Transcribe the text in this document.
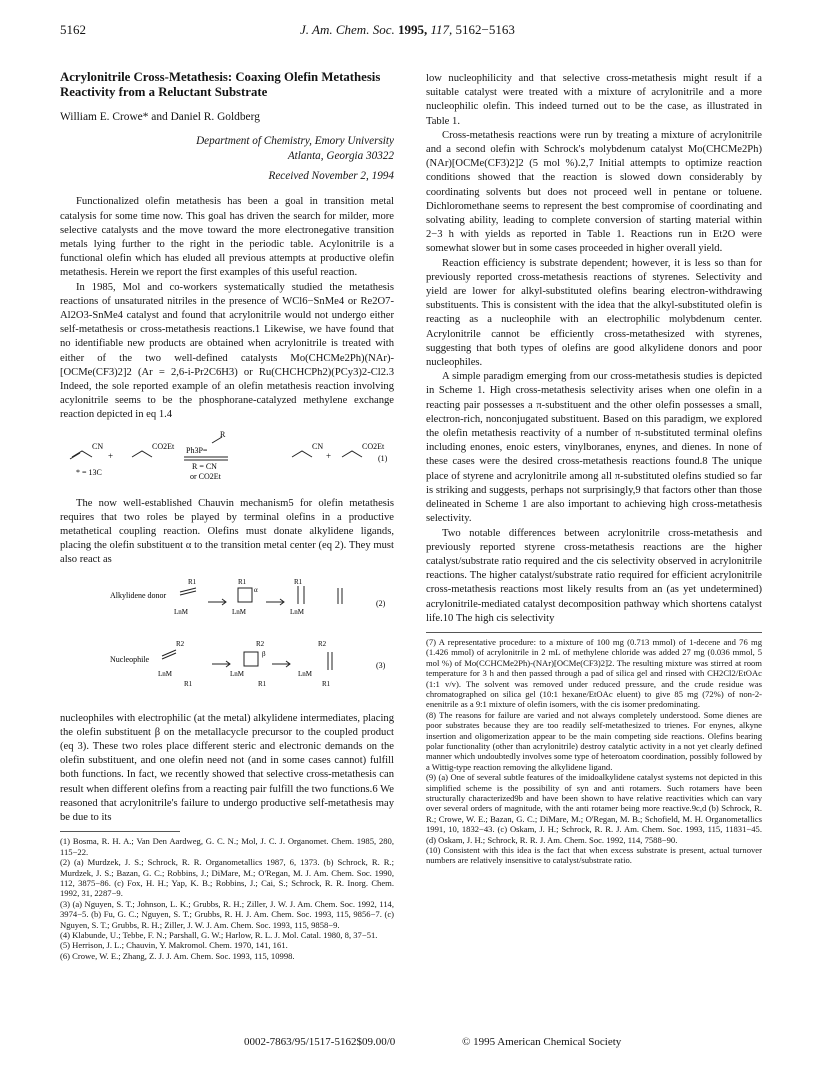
5162	J. Am. Chem. Soc. 1995, 117, 5162−5163
Acrylonitrile Cross-Metathesis: Coaxing Olefin Metathesis Reactivity from a Reluctant Substrate
William E. Crowe* and Daniel R. Goldberg
Department of Chemistry, Emory University
Atlanta, Georgia 30322
Received November 2, 1994

Functionalized olefin metathesis has been a goal in transition metal catalysis for some time now. This goal has driven the search for milder, more selective catalysts and the move toward the more electronegative transition metals lying further to the right in the periodic table. Acylonitrile is a functional olefin which has eluded all previous attempts at productive olefin metathesis. Herein we report the first examples of this useful reaction.

In 1985, Mol and co-workers systematically studied the metathesis reactions of unsaturated nitriles in the presence of WCl6−SnMe4 or Re2O7-Al2O3-SnMe4 catalyst and found that acrylonitrile would not undergo either self-metathesis or cross-metathesis reactions.1 Likewise, we have found that no identifiable new products are obtained when acrylonitrile is treated with either of the two well-defined catalysts Mo(CHCMe2Ph)(NAr)-[OCMe(CF3)2]2 (Ar = 2,6-i-Pr2C6H3) or Ru(CHCHCPh2)(PCy3)2-Cl2.3 Indeed, the sole reported example of an olefin metathesis reaction involving acylonitrile seems to be the phosphorane-catalyzed methylene exchange reaction depicted in eq 1.4

CN
+
CO2Et Ph3P=
R
R = CN
or CO2Et
CN
+
CO2Et
* = 13C
(1)

The now well-established Chauvin mechanism5 for olefin metathesis requires that two roles be played by terminal olefins in a productive metathetical coupling reaction. Olefins must donate alkylidene ligands, placing the olefin substituent α to the transition metal center (eq 2). They must also react as

Alkylidene donor
R1
LnM
R1
α
LnM
R1
LnM
(2)
Nucleophile
R2
LnM
R1
R2
β
LnM
R1
R2
LnM
R1
(3)

nucleophiles with electrophilic (at the metal) alkylidene intermediates, placing the olefin substituent β on the metallacycle precursor to the coupled product (eq 3). These two roles place different steric and electronic demands on the olefin substituent, and one olefin need not (and in some cases cannot) fulfill both functions. In fact, we recently showed that selective cross-metathesis can result when different olefins from a reacting pair fulfill the two functions.6 We reasoned that acrylonitrile's failure to undergo productive self-metathesis may be due to its

(1) Bosma, R. H. A.; Van Den Aardweg, G. C. N.; Mol, J. C. J. Organomet. Chem. 1985, 280, 115−22.

(2) (a) Murdzek, J. S.; Schrock, R. R. Organometallics 1987, 6, 1373. (b) Schrock, R. R.; Murdzek, J. S.; Bazan, G. C.; Robbins, J.; DiMare, M.; O'Regan, M. J. Am. Chem. Soc. 1990, 112, 3875−86. (c) Fox, H. H.; Yap, K. B.; Robbins, J.; Cai, S.; Schrock, R. R. Inorg. Chem. 1992, 31, 2287−9.

(3) (a) Nguyen, S. T.; Johnson, L. K.; Grubbs, R. H.; Ziller, J. W. J. Am. Chem. Soc. 1992, 114, 3974−5. (b) Fu, G. C.; Nguyen, S. T.; Grubbs, R. H. J. Am. Chem. Soc. 1993, 115, 9856−7. (c) Nguyen, S. T.; Grubbs, R. H.; Ziller, J. W. J. Am. Chem. Soc. 1993, 115, 9858−9.

(4) Klabunde, U.; Tebbe, F. N.; Parshall, G. W.; Harlow, R. L. J. Mol. Catal. 1980, 8, 37−51.

(5) Herrison, J. L.; Chauvin, Y. Makromol. Chem. 1970, 141, 161.

(6) Crowe, W. E.; Zhang, Z. J. J. Am. Chem. Soc. 1993, 115, 10998.

low nucleophilicity and that selective cross-metathesis might result if a suitable catalyst were treated with a mixture of acrylonitrile and a more nucleophilic olefin. This indeed turned out to be the case, as illustrated in Table 1.

Cross-metathesis reactions were run by treating a mixture of acrylonitrile and a second olefin with Schrock's molybdenum catalyst Mo(CHCMe2Ph)(NAr)[OCMe(CF3)2]2 (5 mol %).2,7 Initial attempts to optimize reaction conditions showed that the reaction is slowed down considerably by coordinating solvents but does not proceed well in pentane or toluene. Dichloromethane seems to represent the best compromise of coordinating and solvating ability, leading to complete conversion of starting material within 2−3 h with yields as reported in Table 1. Reactions run in Et2O were somewhat slower but in some cases proceeded in higher overall yield.

Reaction efficiency is substrate dependent; however, it is less so than for previously reported cross-metathesis reactions of styrenes. Selectivity and yield are lower for alkyl-substituted olefins bearing electron-withdrawing substituents. This is consistent with the idea that the alkyl-substituted olefin is reacting as a nucleophile with an electrophilic molybdenum center. Acrylonitrile cannot be efficiently cross-metathesized with styrenes, suggesting that both types of olefins are good alkylidene donors and poor nucleophiles.

A simple paradigm emerging from our cross-metathesis studies is depicted in Scheme 1. High cross-metathesis selectivity arises when one olefin in a reacting pair possesses a π-substituent and the other olefin possesses a small, electron-rich, nonconjugated substituent. Based on this paradigm, we explored the olefin metathesis reactivity of a number of π-substituted terminal olefins including enones, enoic esters, vinylboranes, enynes, and dienes. In none of these cases were the desired cross-metathesis reactions found.8 The unique place of styrene and acrylonitrile among all π-substituted olefins studied so far is striking and suggests, perhaps not surprisingly,9 that factors other than those delineated in Scheme 1 are also important to achieving high cross-metathesis selectivity.

Two notable differences between acrylonitrile cross-metathesis and previously reported styrene cross-metathesis reactions are the higher catalyst/substrate ratio required and the cis selectivity observed in acrylonitrile reactions. The higher catalyst/substrate ratio required for efficient acrylonitrile cross-metathesis reactions most likely results from an (as yet undetermined) acrylonitrile-mediated catalyst decomposition pathway which shortens catalyst life.10 The high cis selectivity

(7) A representative procedure: to a mixture of 100 mg (0.713 mmol) of 1-decene and 76 mg (1.426 mmol) of acrylonitrile in 2 mL of methylene chloride was added 27 mg (0.036 mmol, 5 mol %) of Mo(CCHCMe2Ph)-(NAr)[OCMe(CF3)2]2. The resulting mixture was stirred at room temperature for 3 h and then passed through a pad of silica gel and rinsed with CH2Cl2/EtOAc (1:1 v/v). The solvent was removed under reduced pressure, and the crude residue was chromatographed on silica gel (10:1 hexane/EtOAc eluent) to give 85 mg (72%) of non-2-enenitrile as a 9:1 mixture of olefin isomers, with the cis isomer predominating.

(8) The reasons for failure are varied and not always completely understood. Some dienes are poor substrates because they are too readily self-metathesized to trienes. For enynes, alkyne insertion and oligomerization appear to be the main competing side reactions. Olefins bearing polar functionality (other than acrylonitrile) destroy catalytic activity in a not yet clearly defined manner which undoubtedly involves some type of heteroatom coordination, possibly followed by a Wittig-type reaction removing the alkylidene ligand.

(9) (a) One of several subtle features of the imidoalkylidene catalyst systems not depicted in this simplified scheme is the possibility of syn and anti rotamers. Such rotamers have been structurally characterized9b and have been shown to have relative reactivities which can vary over several orders of magnitude, with the anti rotamer being more reactive.9c,d (b) Schrock, R. R.; Crowe, W. E.; Bazan, G. C.; DiMare, M.; O'Regan, M. B.; Schofield, M. H. Organometallics 1991, 10, 1832−43. (c) Oskam, J. H.; Schrock, R. R. J. Am. Chem. Soc. 1993, 115, 11831−45. (d) Oskam, J. H.; Schrock, R. R. J. Am. Chem. Soc. 1992, 114, 7588−90.

(10) Consistent with this idea is the fact that when excess substrate is present, actual turnover numbers are relatively insensitive to catalyst/substrate ratio.

0002-7863/95/1517-5162$09.00/0	© 1995 American Chemical Society
